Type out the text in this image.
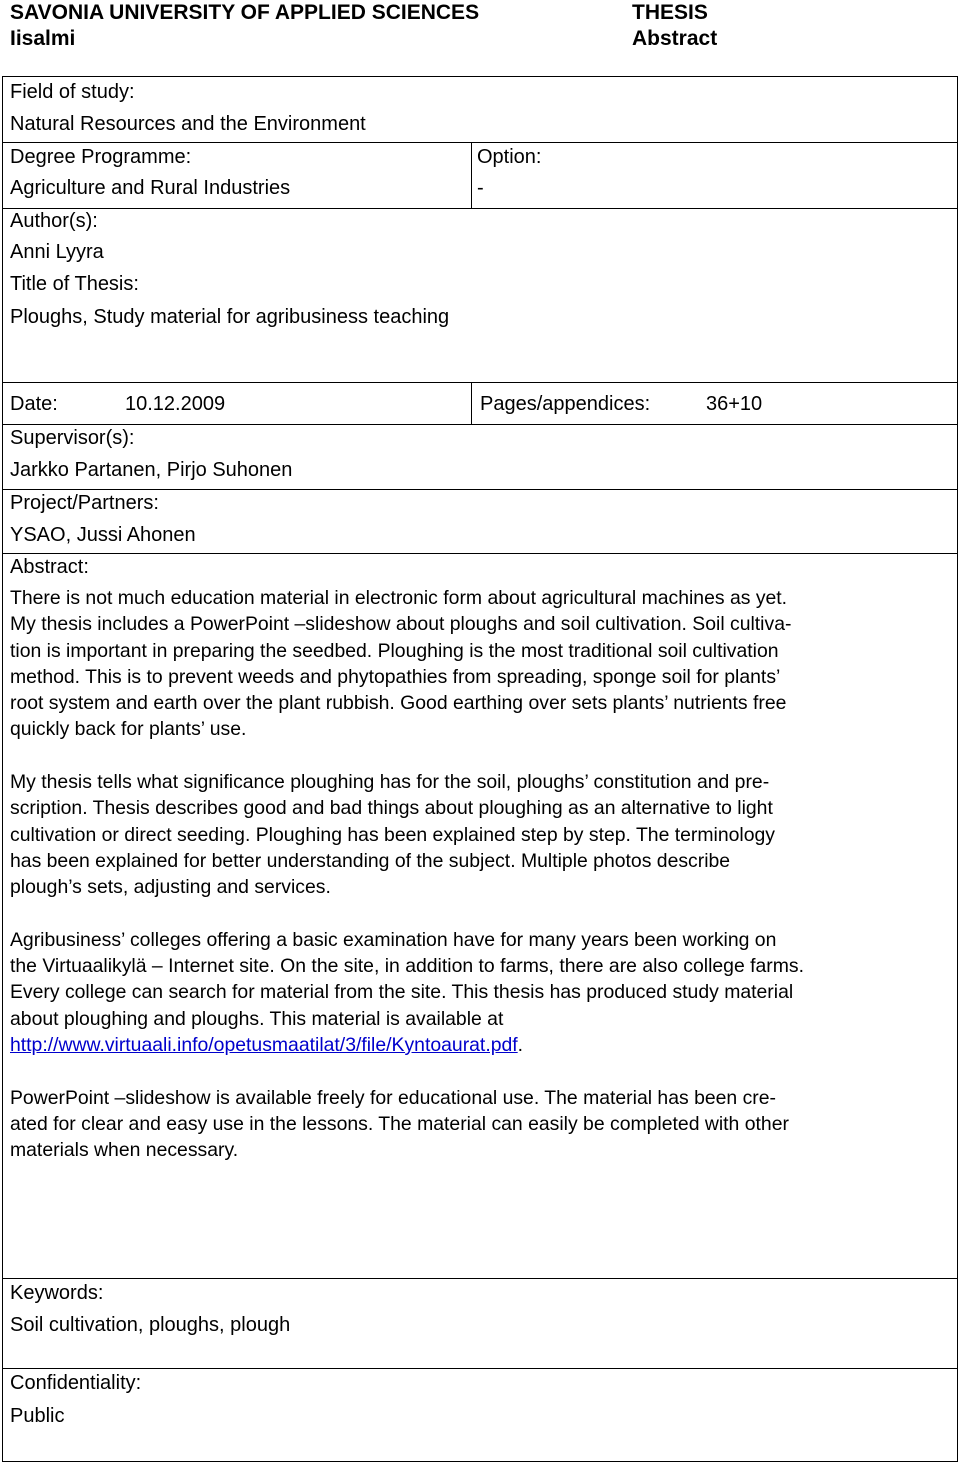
SAVONIA UNIVERSITY OF APPLIED SCIENCES
Iisalmi
THESIS
Abstract
Field of study:
Natural Resources and the Environment
Degree Programme:
Agriculture and Rural Industries
Option:
-
Author(s):
Anni Lyyra
Title of Thesis:
Ploughs, Study material for agribusiness teaching
Date:	10.12.2009	Pages/appendices:	36+10
Supervisor(s):
Jarkko Partanen, Pirjo Suhonen
Project/Partners:
YSAO, Jussi Ahonen
Abstract:
There is not much education material in electronic form about agricultural machines as yet.
My thesis includes a PowerPoint –slideshow about ploughs and soil cultivation. Soil cultiva-
tion is important in preparing the seedbed. Ploughing is the most traditional soil cultivation
method. This is to prevent weeds and phytopathies from spreading, sponge soil for plants’
root system and earth over the plant rubbish. Good earthing over sets plants’ nutrients free
quickly back for plants’ use.
My thesis tells what significance ploughing has for the soil, ploughs’ constitution and pre-
scription. Thesis describes good and bad things about ploughing as an alternative to light
cultivation or direct seeding. Ploughing has been explained step by step. The terminology
has been explained for better understanding of the subject. Multiple photos describe
plough’s sets, adjusting and services.
Agribusiness’ colleges offering a basic examination have for many years been working on
the Virtuaalikylä – Internet site. On the site, in addition to farms, there are also college farms.
Every college can search for material from the site. This thesis has produced study material
about ploughing and ploughs. This material is available at
http://www.virtuaali.info/opetusmaatilat/3/file/Kyntoaurat.pdf.
PowerPoint –slideshow is available freely for educational use. The material has been cre-
ated for clear and easy use in the lessons. The material can easily be completed with other
materials when necessary.
Keywords:
Soil cultivation, ploughs, plough
Confidentiality:
Public
